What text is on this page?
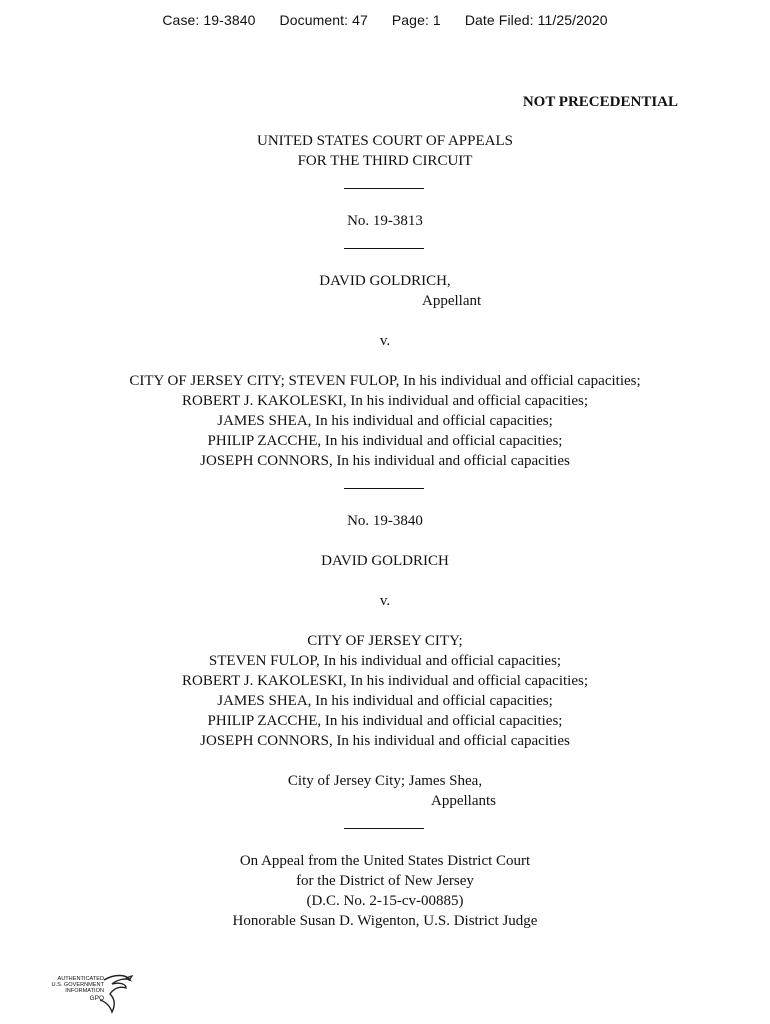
Case: 19-3840 Document: 47 Page: 1 Date Filed: 11/25/2020
NOT PRECEDENTIAL
UNITED STATES COURT OF APPEALS
FOR THE THIRD CIRCUIT
No. 19-3813
DAVID GOLDRICH,
Appellant
v.
CITY OF JERSEY CITY; STEVEN FULOP, In his individual and official capacities;
ROBERT J. KAKOLESKI, In his individual and official capacities;
JAMES SHEA, In his individual and official capacities;
PHILIP ZACCHE, In his individual and official capacities;
JOSEPH CONNORS, In his individual and official capacities
No. 19-3840
DAVID GOLDRICH
v.
CITY OF JERSEY CITY;
STEVEN FULOP, In his individual and official capacities;
ROBERT J. KAKOLESKI, In his individual and official capacities;
JAMES SHEA, In his individual and official capacities;
PHILIP ZACCHE, In his individual and official capacities;
JOSEPH CONNORS, In his individual and official capacities
City of Jersey City; James Shea,
Appellants
On Appeal from the United States District Court
for the District of New Jersey
(D.C. No. 2-15-cv-00885)
Honorable Susan D. Wigenton, U.S. District Judge
AUTHENTICATED
U.S. GOVERNMENT
INFORMATION
GPO
